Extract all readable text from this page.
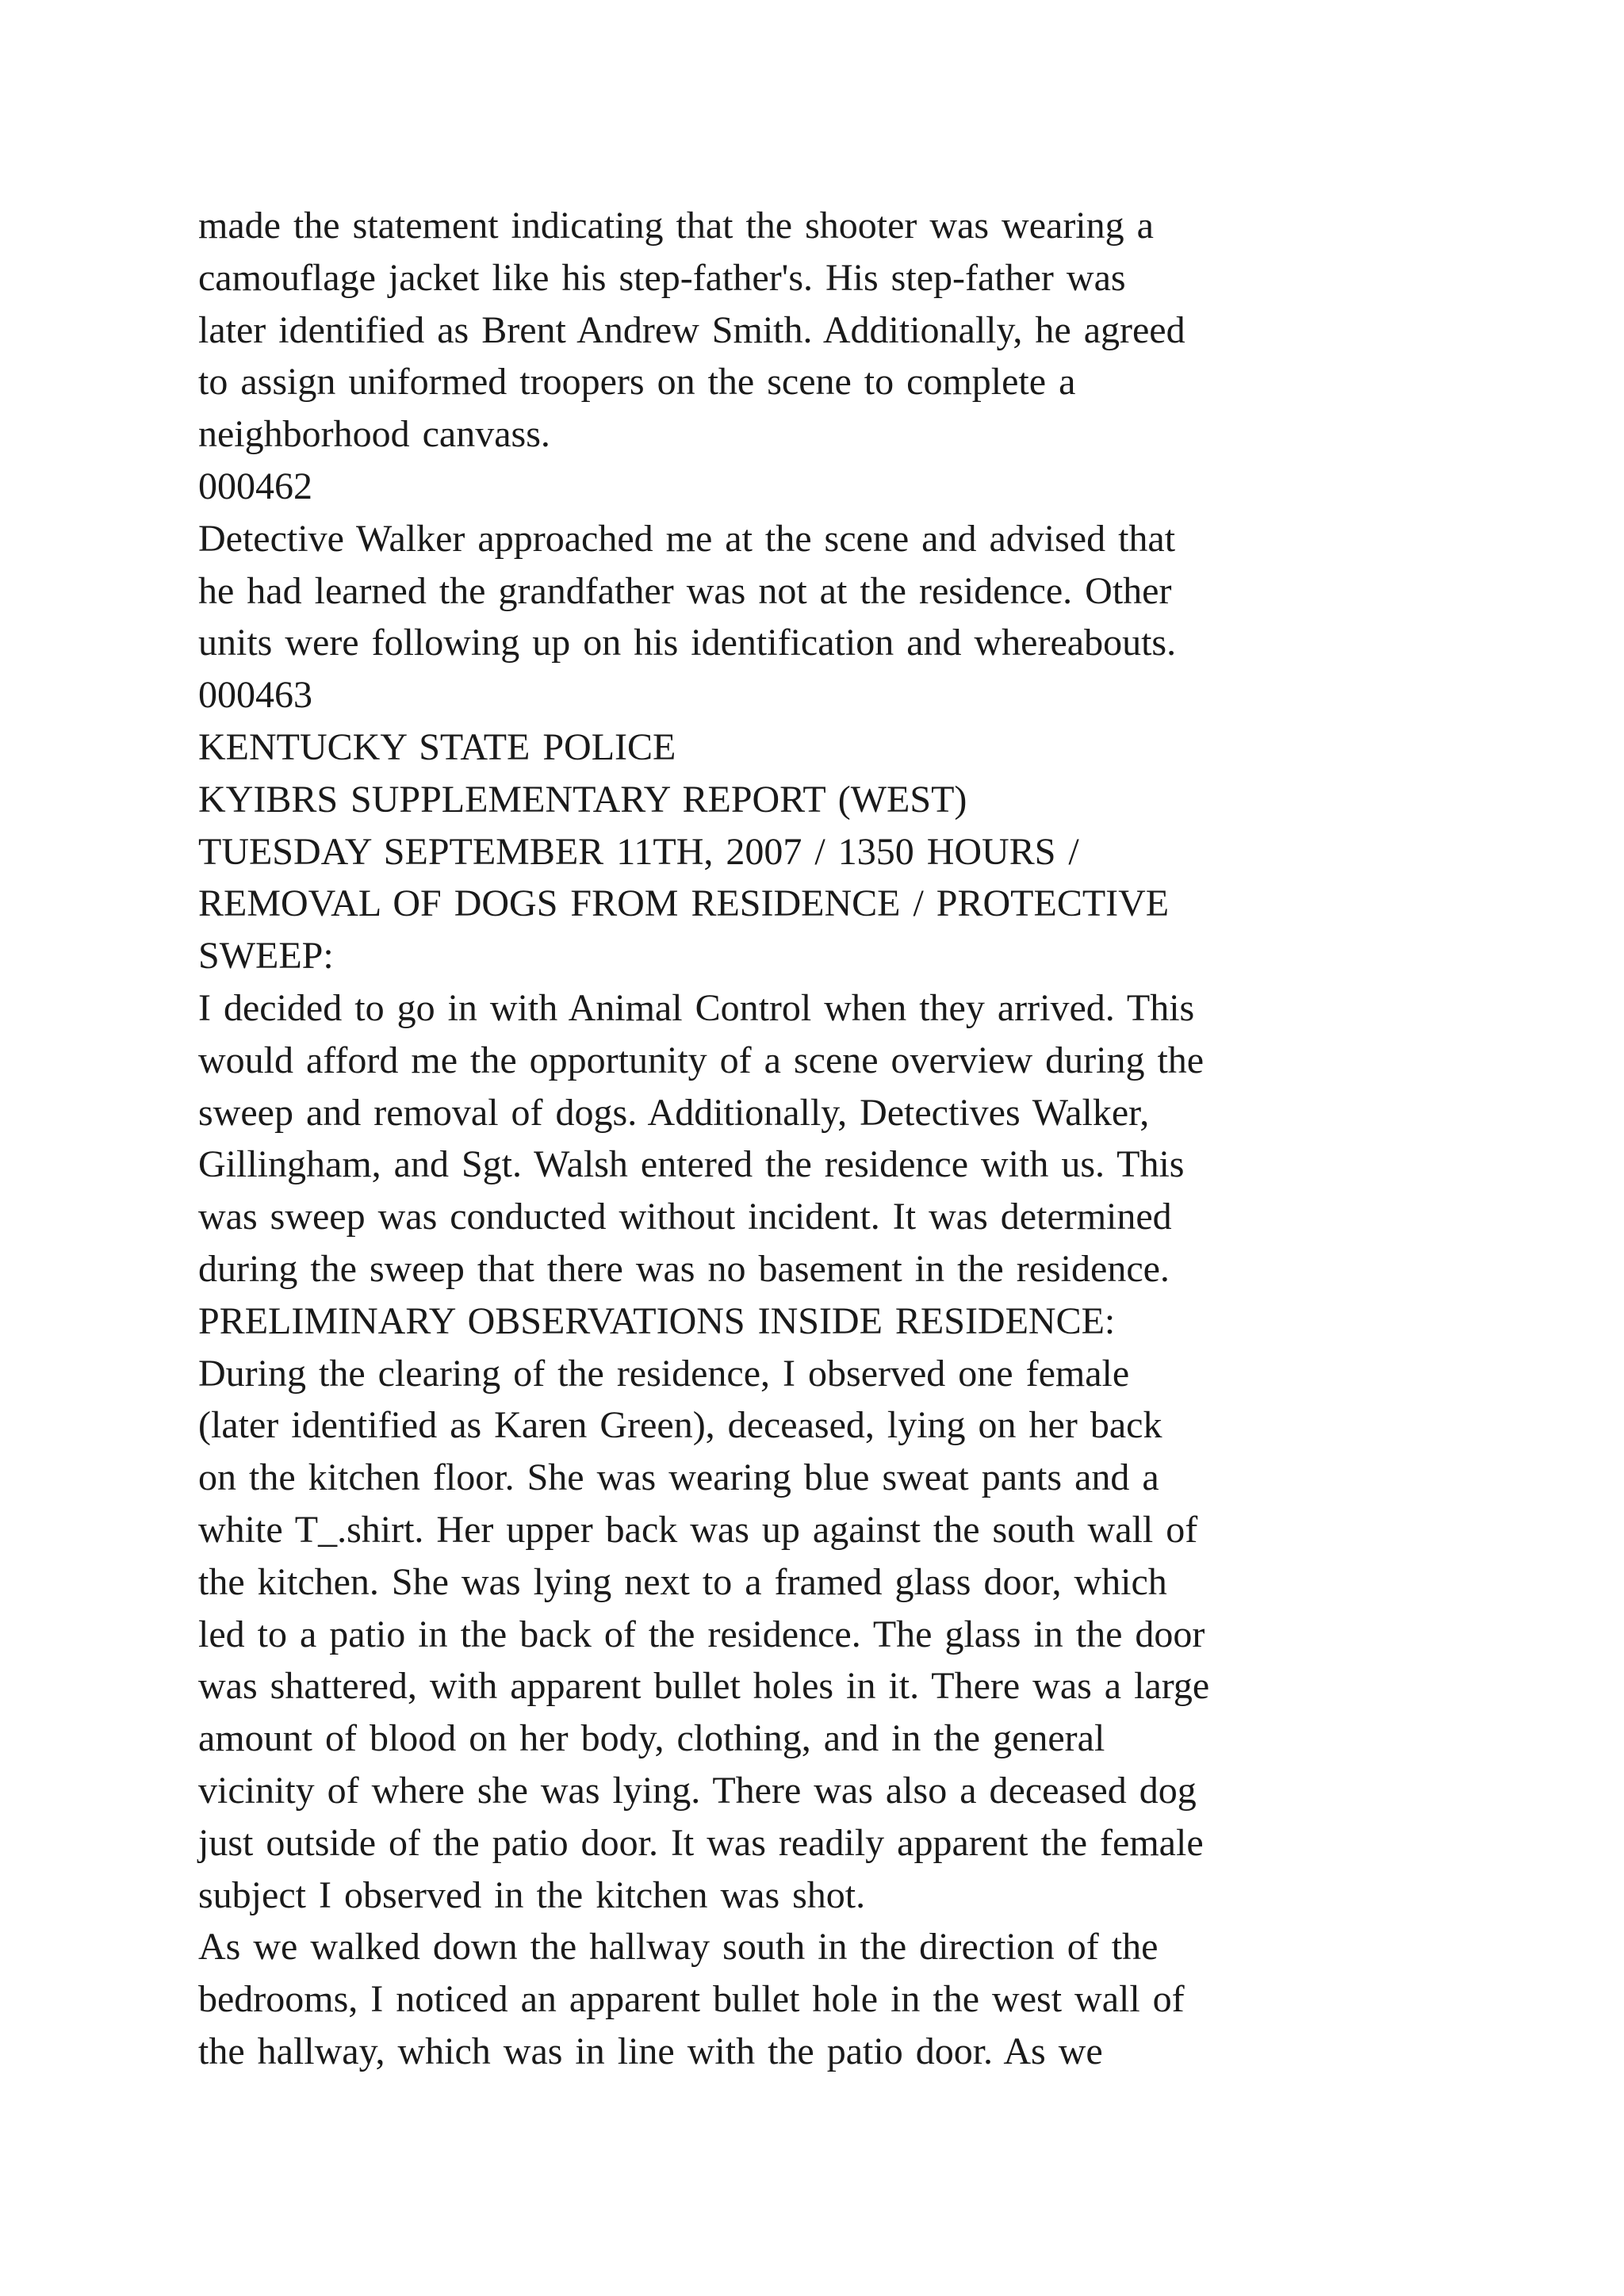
made the statement indicating that the shooter was wearing a
camouflage jacket like his step-father's. His step-father was
later identified as Brent Andrew Smith. Additionally, he agreed
to assign uniformed troopers on the scene to complete a
neighborhood canvass.
000462
Detective Walker approached me at the scene and advised that
he had learned the grandfather was not at the residence. Other
units were following up on his identification and whereabouts.
000463
KENTUCKY STATE POLICE
KYIBRS SUPPLEMENTARY REPORT (WEST)
TUESDAY SEPTEMBER 11TH, 2007 / 1350 HOURS /
REMOVAL OF DOGS FROM RESIDENCE / PROTECTIVE
SWEEP:
I decided to go in with Animal Control when they arrived. This
would afford me the opportunity of a scene overview during the
sweep and removal of dogs. Additionally, Detectives Walker,
Gillingham, and Sgt. Walsh entered the residence with us. This
was sweep was conducted without incident. It was determined
during the sweep that there was no basement in the residence.
PRELIMINARY OBSERVATIONS INSIDE RESIDENCE:
During the clearing of the residence, I observed one female
(later identified as Karen Green), deceased, lying on her back
on the kitchen floor. She was wearing blue sweat pants and a
white T_.shirt. Her upper back was up against the south wall of
the kitchen. She was lying next to a framed glass door, which
led to a patio in the back of the residence. The glass in the door
was shattered, with apparent bullet holes in it. There was a large
amount of blood on her body, clothing, and in the general
vicinity of where she was lying. There was also a deceased dog
just outside of the patio door. It was readily apparent the female
subject I observed in the kitchen was shot.
As we walked down the hallway south in the direction of the
bedrooms, I noticed an apparent bullet hole in the west wall of
the hallway, which was in line with the patio door. As we
